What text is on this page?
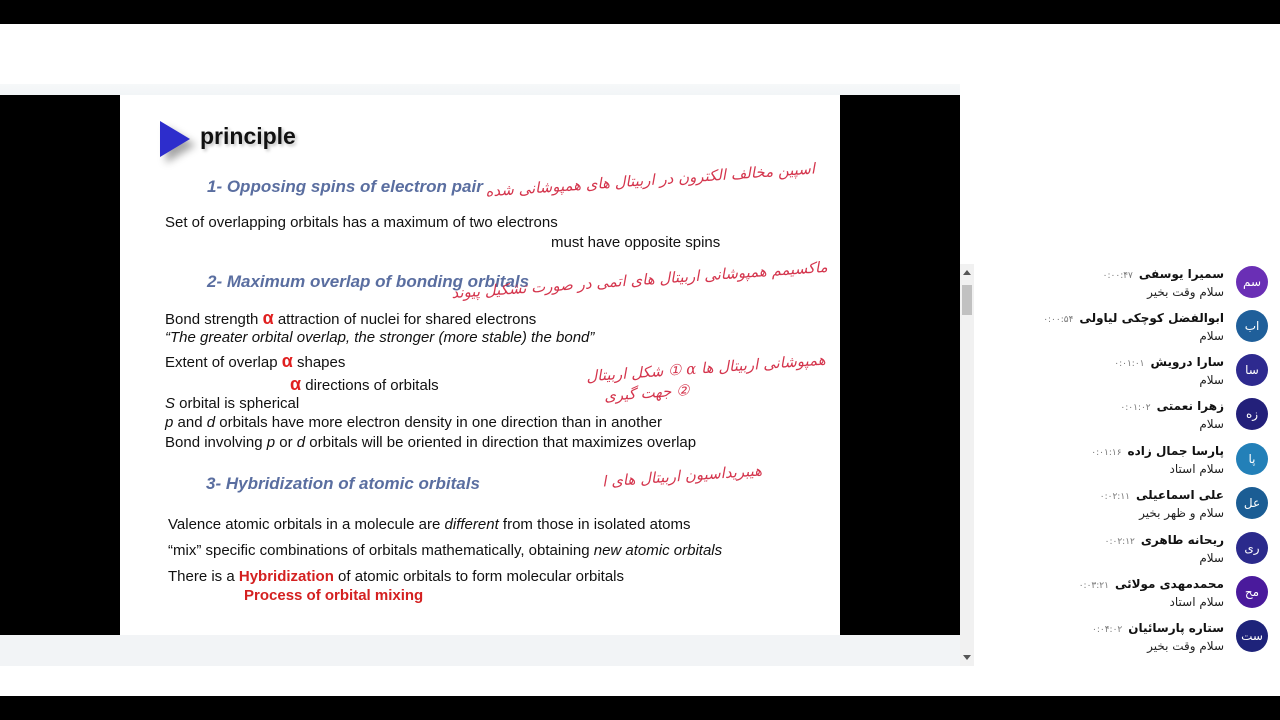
principle
1- Opposing spins of electron pair
Set of overlapping orbitals has a maximum of two electrons
must have opposite spins
2- Maximum overlap of bonding orbitals
Bond strength α attraction of nuclei for shared electrons
“The greater orbital overlap, the stronger (more stable) the bond”
Extent of overlap α shapes
α directions of orbitals
S orbital is spherical
p and d orbitals have more electron density in one direction than in another
Bond involving p or d orbitals will be oriented in direction that maximizes overlap
3- Hybridization of atomic orbitals
Valence atomic orbitals in a molecule are different from those in isolated atoms
“mix” specific combinations of orbitals mathematically, obtaining new atomic orbitals
There is a Hybridization of atomic orbitals to form molecular orbitals
Process of orbital mixing
اسپین مخالف الکترون در اربیتال های همپوشانی شده
ماکسیمم همپوشانی اربیتال های اتمی در صورت تشکیل پیوند
همپوشانی اربیتال ها α ① شکل اربیتال
② جهت گیری
هیبریداسیون اربیتال های ا
سم
سمیرا یوسفی
۰:۰۰:۴۷
سلام وقت بخیر
اب
ابوالفضل کوچکی لیاولی
۰:۰۰:۵۴
سلام
سا
سارا درویش
۰:۰۱:۰۱
سلام
زه
زهرا نعمتی
۰:۰۱:۰۲
سلام
پا
پارسا جمال زاده
۰:۰۱:۱۶
سلام استاد
عل
علی اسماعیلی
۰:۰۲:۱۱
سلام و ظهر بخیر
ری
ریحانه طاهری
۰:۰۲:۱۲
سلام
مح
محمدمهدی مولائی
۰:۰۳:۲۱
سلام استاد
ست
ستاره پارسائیان
۰:۰۴:۰۲
سلام وقت بخیر
